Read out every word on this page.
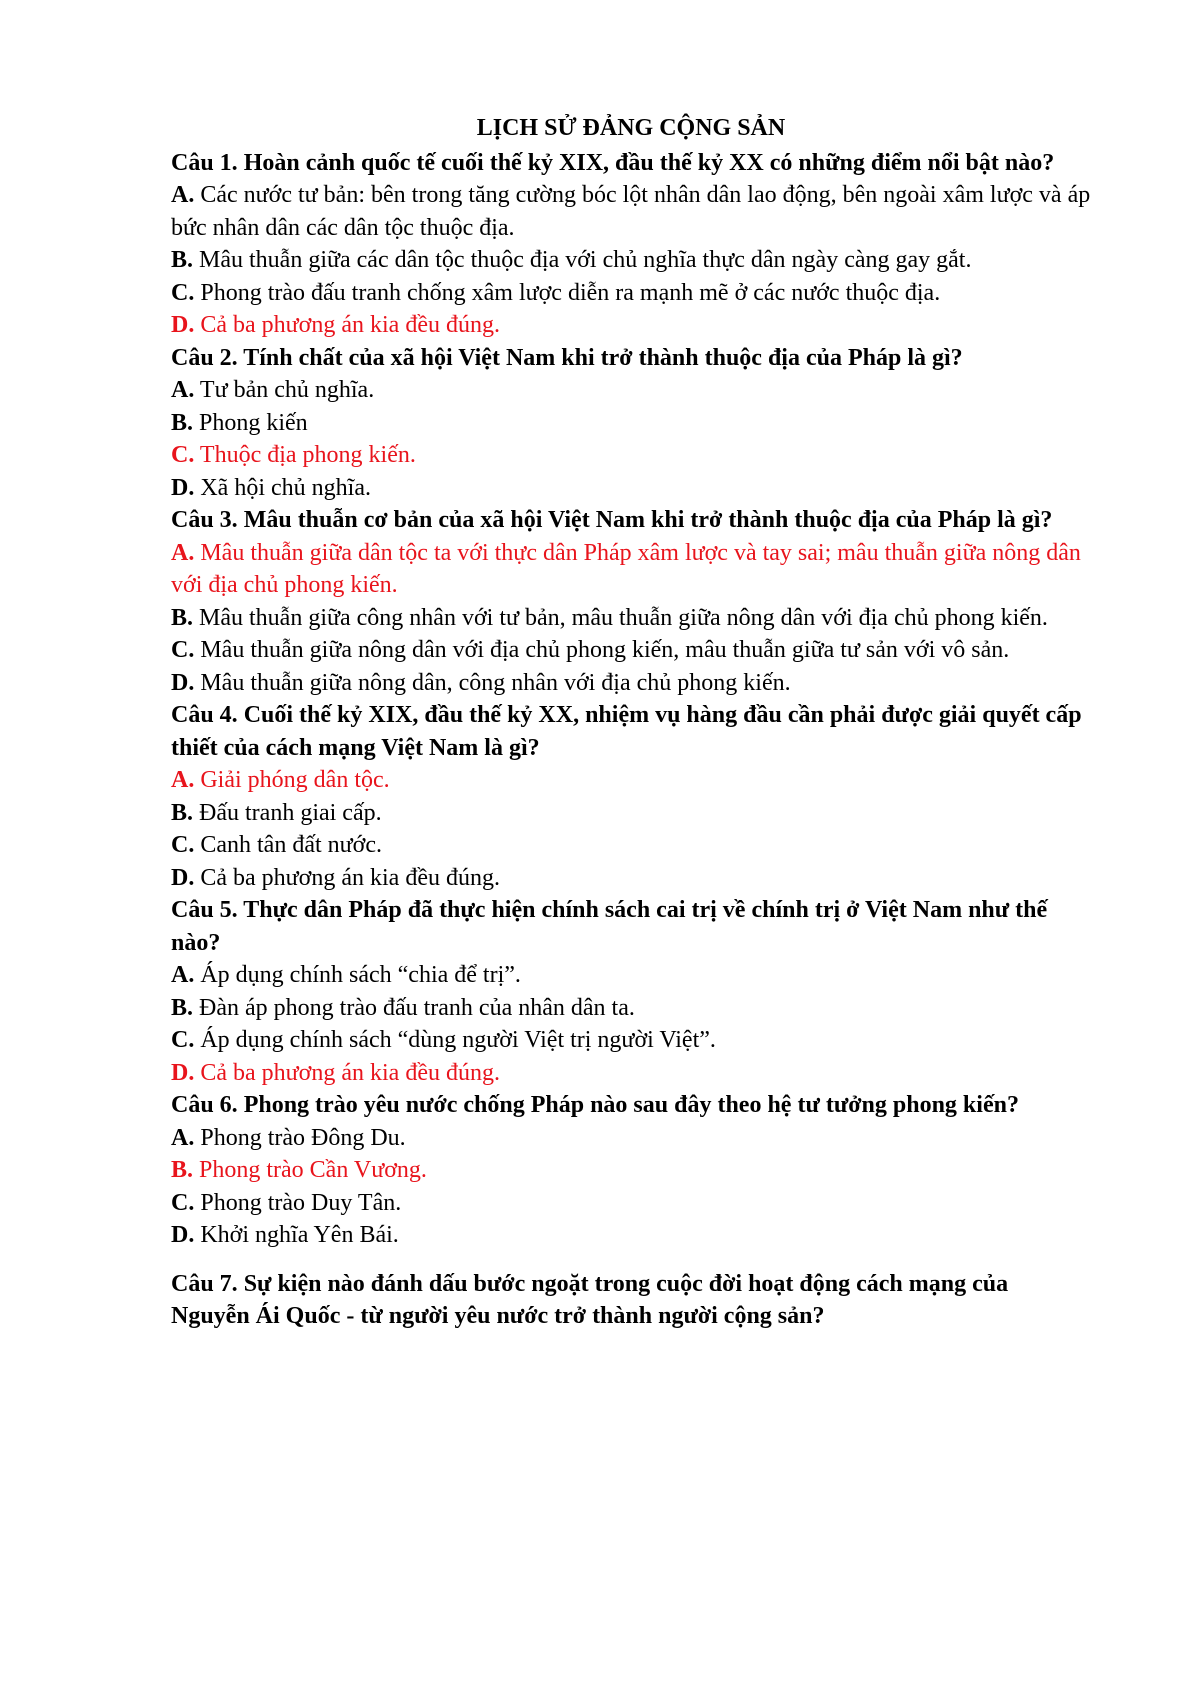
LỊCH SỬ ĐẢNG CỘNG SẢN

Câu 1. Hoàn cảnh quốc tế cuối thế kỷ XIX, đầu thế kỷ XX có những điểm nổi bật nào?

A. Các nước tư bản: bên trong tăng cường bóc lột nhân dân lao động, bên ngoài xâm lược và áp bức nhân dân các dân tộc thuộc địa.

B. Mâu thuẫn giữa các dân tộc thuộc địa với chủ nghĩa thực dân ngày càng gay gắt.

C. Phong trào đấu tranh chống xâm lược diễn ra mạnh mẽ ở các nước thuộc địa.

D. Cả ba phương án kia đều đúng.

Câu 2. Tính chất của xã hội Việt Nam khi trở thành thuộc địa của Pháp là gì?

A. Tư bản chủ nghĩa.

B. Phong kiến

C. Thuộc địa phong kiến.

D. Xã hội chủ nghĩa.

Câu 3. Mâu thuẫn cơ bản của xã hội Việt Nam khi trở thành thuộc địa của Pháp là gì?

A. Mâu thuẫn giữa dân tộc ta với thực dân Pháp xâm lược và tay sai; mâu thuẫn giữa nông dân với địa chủ phong kiến.

B. Mâu thuẫn giữa công nhân với tư bản, mâu thuẫn giữa nông dân với địa chủ phong kiến.

C. Mâu thuẫn giữa nông dân với địa chủ phong kiến, mâu thuẫn giữa tư sản với vô sản.

D. Mâu thuẫn giữa nông dân, công nhân với địa chủ phong kiến.

Câu 4. Cuối thế kỷ XIX, đầu thế kỷ XX, nhiệm vụ hàng đầu cần phải được giải quyết cấp thiết của cách mạng Việt Nam là gì?

A. Giải phóng dân tộc.

B. Đấu tranh giai cấp.

C. Canh tân đất nước.

D. Cả ba phương án kia đều đúng.

Câu 5. Thực dân Pháp đã thực hiện chính sách cai trị về chính trị ở Việt Nam như thế nào?

A. Áp dụng chính sách “chia để trị”.

B. Đàn áp phong trào đấu tranh của nhân dân ta.

C. Áp dụng chính sách “dùng người Việt trị người Việt”.

D. Cả ba phương án kia đều đúng.

Câu 6. Phong trào yêu nước chống Pháp nào sau đây theo hệ tư tưởng phong kiến?

A. Phong trào Đông Du.

B. Phong trào Cần Vương.

C. Phong trào Duy Tân.

D. Khởi nghĩa Yên Bái.

Câu 7. Sự kiện nào đánh dấu bước ngoặt trong cuộc đời hoạt động cách mạng của Nguyễn Ái Quốc - từ người yêu nước trở thành người cộng sản?
